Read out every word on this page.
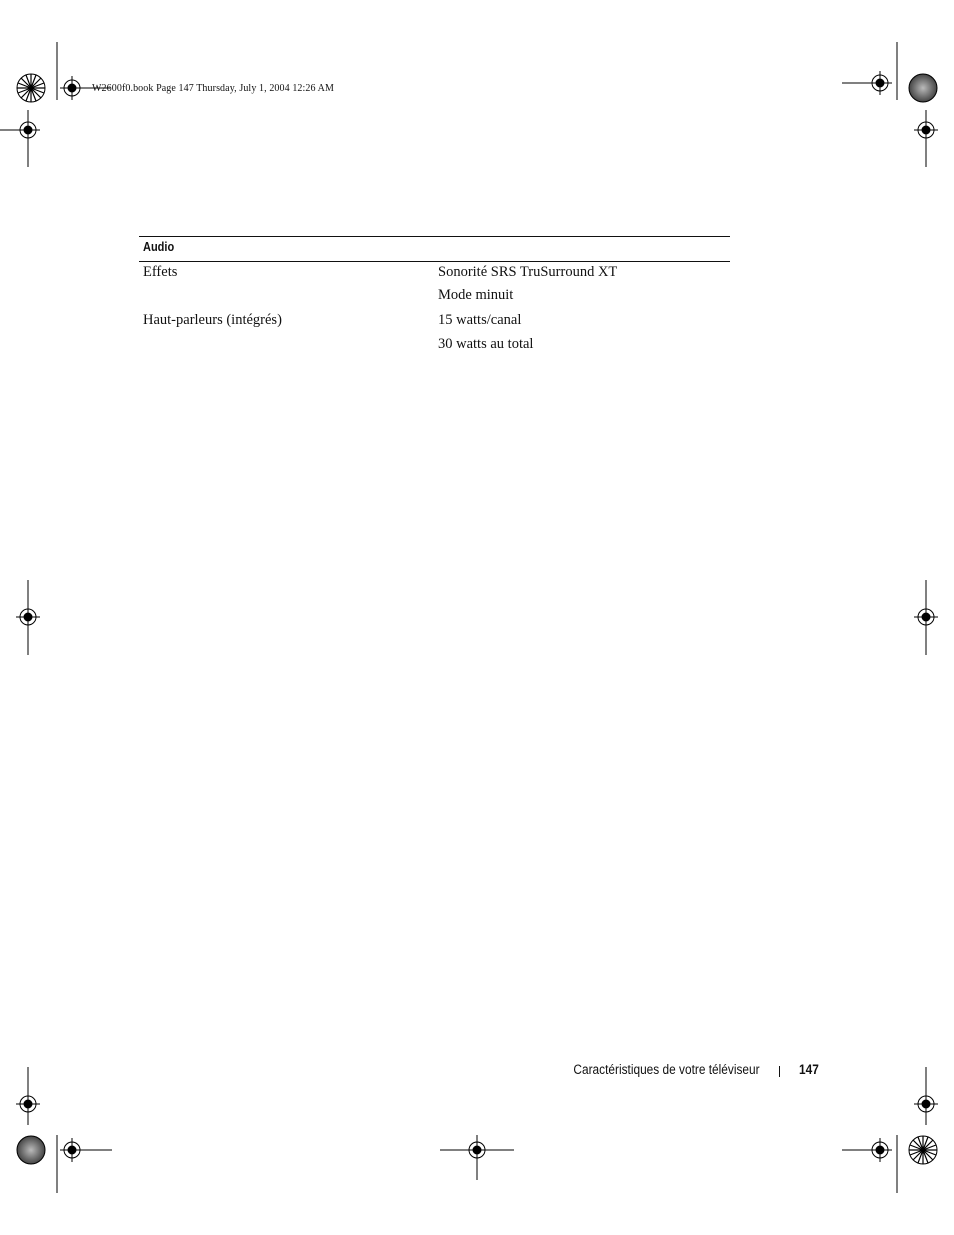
W2600f0.book Page 147 Thursday, July 1, 2004 12:26 AM
Audio
Effets	Sonorité SRS TruSurround XT
Mode minuit
Haut-parleurs (intégrés)	15 watts/canal
30 watts au total
Caractéristiques de votre téléviseur	147
